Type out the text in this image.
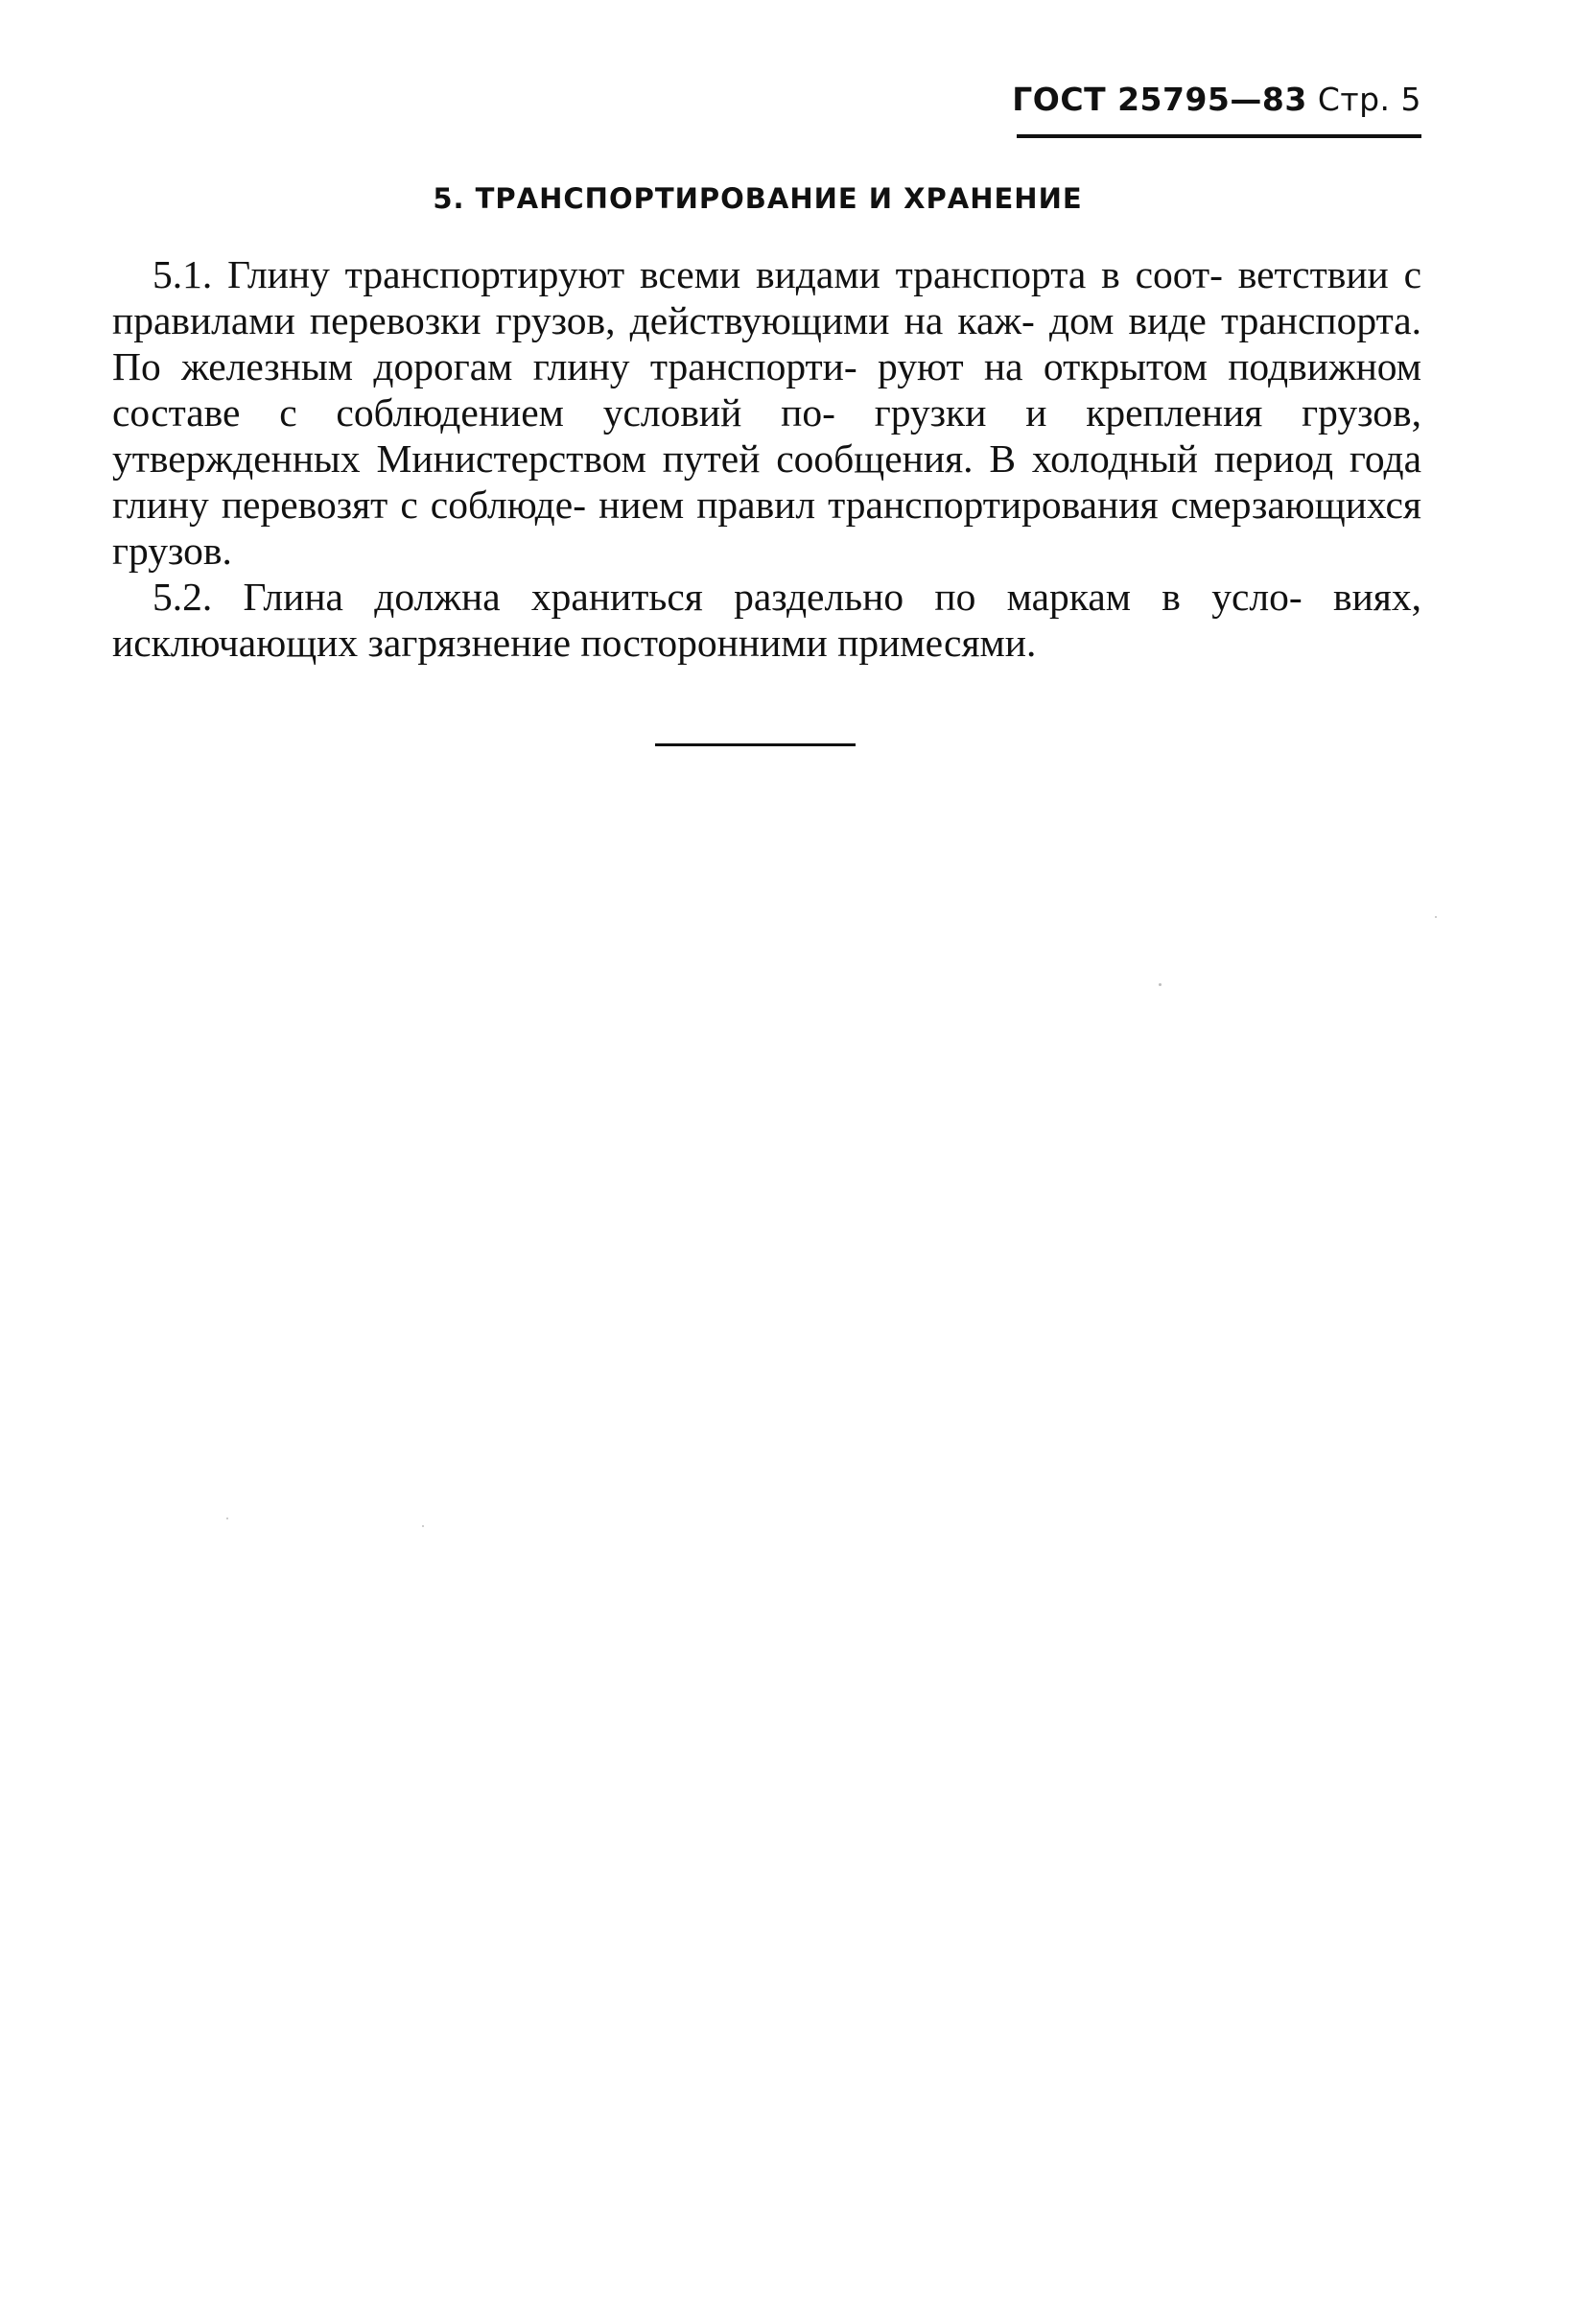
ГОСТ 25795—83 Стр. 5
5. ТРАНСПОРТИРОВАНИЕ И ХРАНЕНИЕ

5.1. Глину транспортируют всеми видами транспорта в соот- ветствии с правилами перевозки грузов, действующими на каж- дом виде транспорта. По железным дорогам глину транспорти- руют на открытом подвижном составе с соблюдением условий по- грузки и крепления грузов, утвержденных Министерством путей сообщения. В холодный период года глину перевозят с соблюде- нием правил транспортирования смерзающихся грузов.

5.2. Глина должна храниться раздельно по маркам в усло- виях, исключающих загрязнение посторонними примесями.
